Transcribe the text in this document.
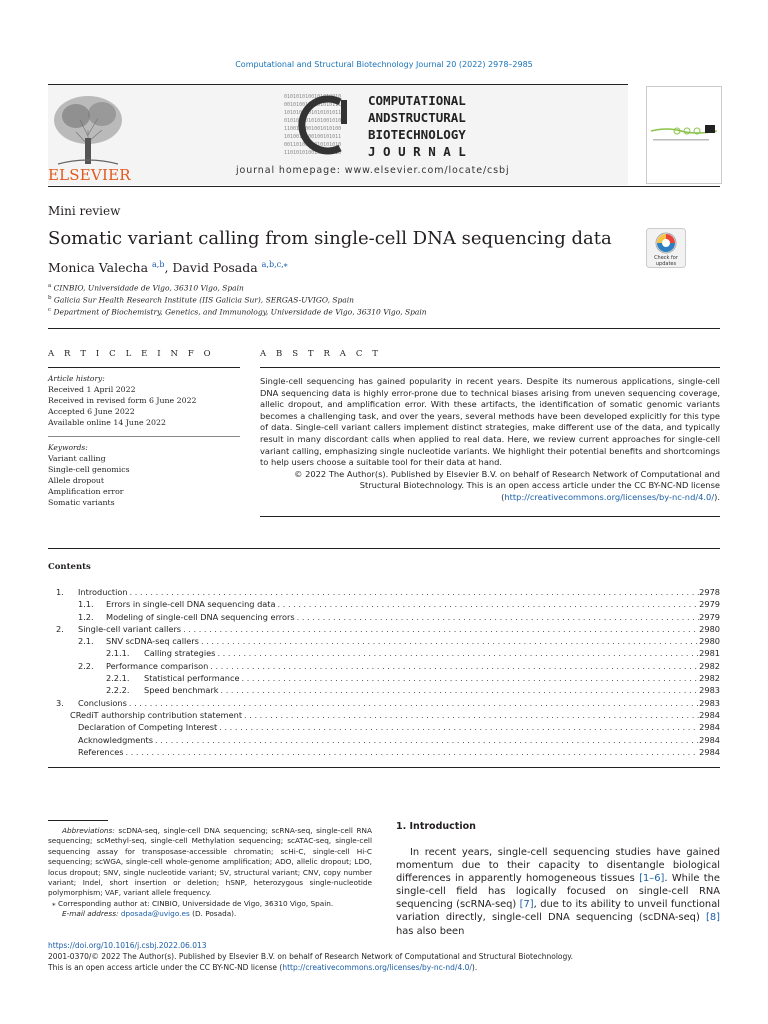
Computational and Structural Biotechnology Journal 20 (2022) 2978–2985
ELSEVIER
0101010100101010010
0010100100101010111
1010100101010101011
0101001010101001010
1100101001001010100
1010010100100101011
0011010010010101010
1101010100101010010
COMPUTATIONAL
ANDSTRUCTURAL
BIOTECHNOLOGY
J O U R N A L
journal homepage: www.elsevier.com/locate/csbj
Mini review
Somatic variant calling from single-cell DNA sequencing data
Check for
updates
Monica Valecha $^{a,b}$, David Posada $^{a,b,c,⁎}$
$^a$ CINBIO, Universidade de Vigo, 36310 Vigo, Spain
$^b$ Galicia Sur Health Research Institute (IIS Galicia Sur), SERGAS-UVIGO, Spain
$^c$ Department of Biochemistry, Genetics, and Immunology, Universidade de Vigo, 36310 Vigo, Spain
A R T I C L E I N F O
Article history:
Received 1 April 2022
Received in revised form 6 June 2022
Accepted 6 June 2022
Available online 14 June 2022
Keywords:
Variant calling
Single-cell genomics
Allele dropout
Amplification error
Somatic variants
A B S T R A C T
Single-cell sequencing has gained popularity in recent years. Despite its numerous applications, single-cell DNA sequencing data is highly error-prone due to technical biases arising from uneven sequencing coverage, allelic dropout, and amplification error. With these artifacts, the identification of somatic genomic variants becomes a challenging task, and over the years, several methods have been developed explicitly for this type of data. Single-cell variant callers implement distinct strategies, make different use of the data, and typically result in many discordant calls when applied to real data. Here, we review current approaches for single-cell variant calling, emphasizing single nucleotide variants. We highlight their potential benefits and shortcomings to help users choose a suitable tool for their data at hand.
© 2022 The Author(s). Published by Elsevier B.V. on behalf of Research Network of Computational and Structural Biotechnology. This is an open access article under the CC BY-NC-ND license (http://creativecommons.org/licenses/by-nc-nd/4.0/).
Contents
1.	Introduction . . .	2978
1.1.	Errors in single-cell DNA sequencing data . . .	2979
1.2.	Modeling of single-cell DNA sequencing errors . . .	2979
2.	Single-cell variant callers . . .	2980
2.1.	SNV scDNA-seq callers . . .	2980
2.1.1.	Calling strategies . . .	2981
2.2.	Performance comparison . . .	2982
2.2.1.	Statistical performance . . .	2982
2.2.2.	Speed benchmark . . .	2983
3.	Conclusions . . .	2983
CRediT authorship contribution statement . . .	2984
Declaration of Competing Interest . . .	2984
Acknowledgments . . .	2984
References . . .	2984
Abbreviations: scDNA-seq, single-cell DNA sequencing; scRNA-seq, single-cell RNA sequencing; scMethyl-seq, single-cell Methylation sequencing; scATAC-seq, single-cell sequencing assay for transposase-accessible chromatin; scHi-C, single-cell Hi-C sequencing; scWGA, single-cell whole-genome amplification; ADO, allelic dropout; LDO, locus dropout; SNV, single nucleotide variant; SV, structural variant; CNV, copy number variant; Indel, short insertion or deletion; hSNP, heterozygous single-nucleotide polymorphism; VAF, variant allele frequency.
⁎ Corresponding author at: CINBIO, Universidade de Vigo, 36310 Vigo, Spain.
E-mail address: dposada@uvigo.es (D. Posada).
1. Introduction
In recent years, single-cell sequencing studies have gained momentum due to their capacity to disentangle biological differences in apparently homogeneous tissues [1–6]. While the single-cell field has logically focused on single-cell RNA sequencing (scRNA-seq) [7], due to its ability to unveil functional variation directly, single-cell DNA sequencing (scDNA-seq) [8] has also been
https://doi.org/10.1016/j.csbj.2022.06.013
2001-0370/© 2022 The Author(s). Published by Elsevier B.V. on behalf of Research Network of Computational and Structural Biotechnology.
This is an open access article under the CC BY-NC-ND license (http://creativecommons.org/licenses/by-nc-nd/4.0/).
